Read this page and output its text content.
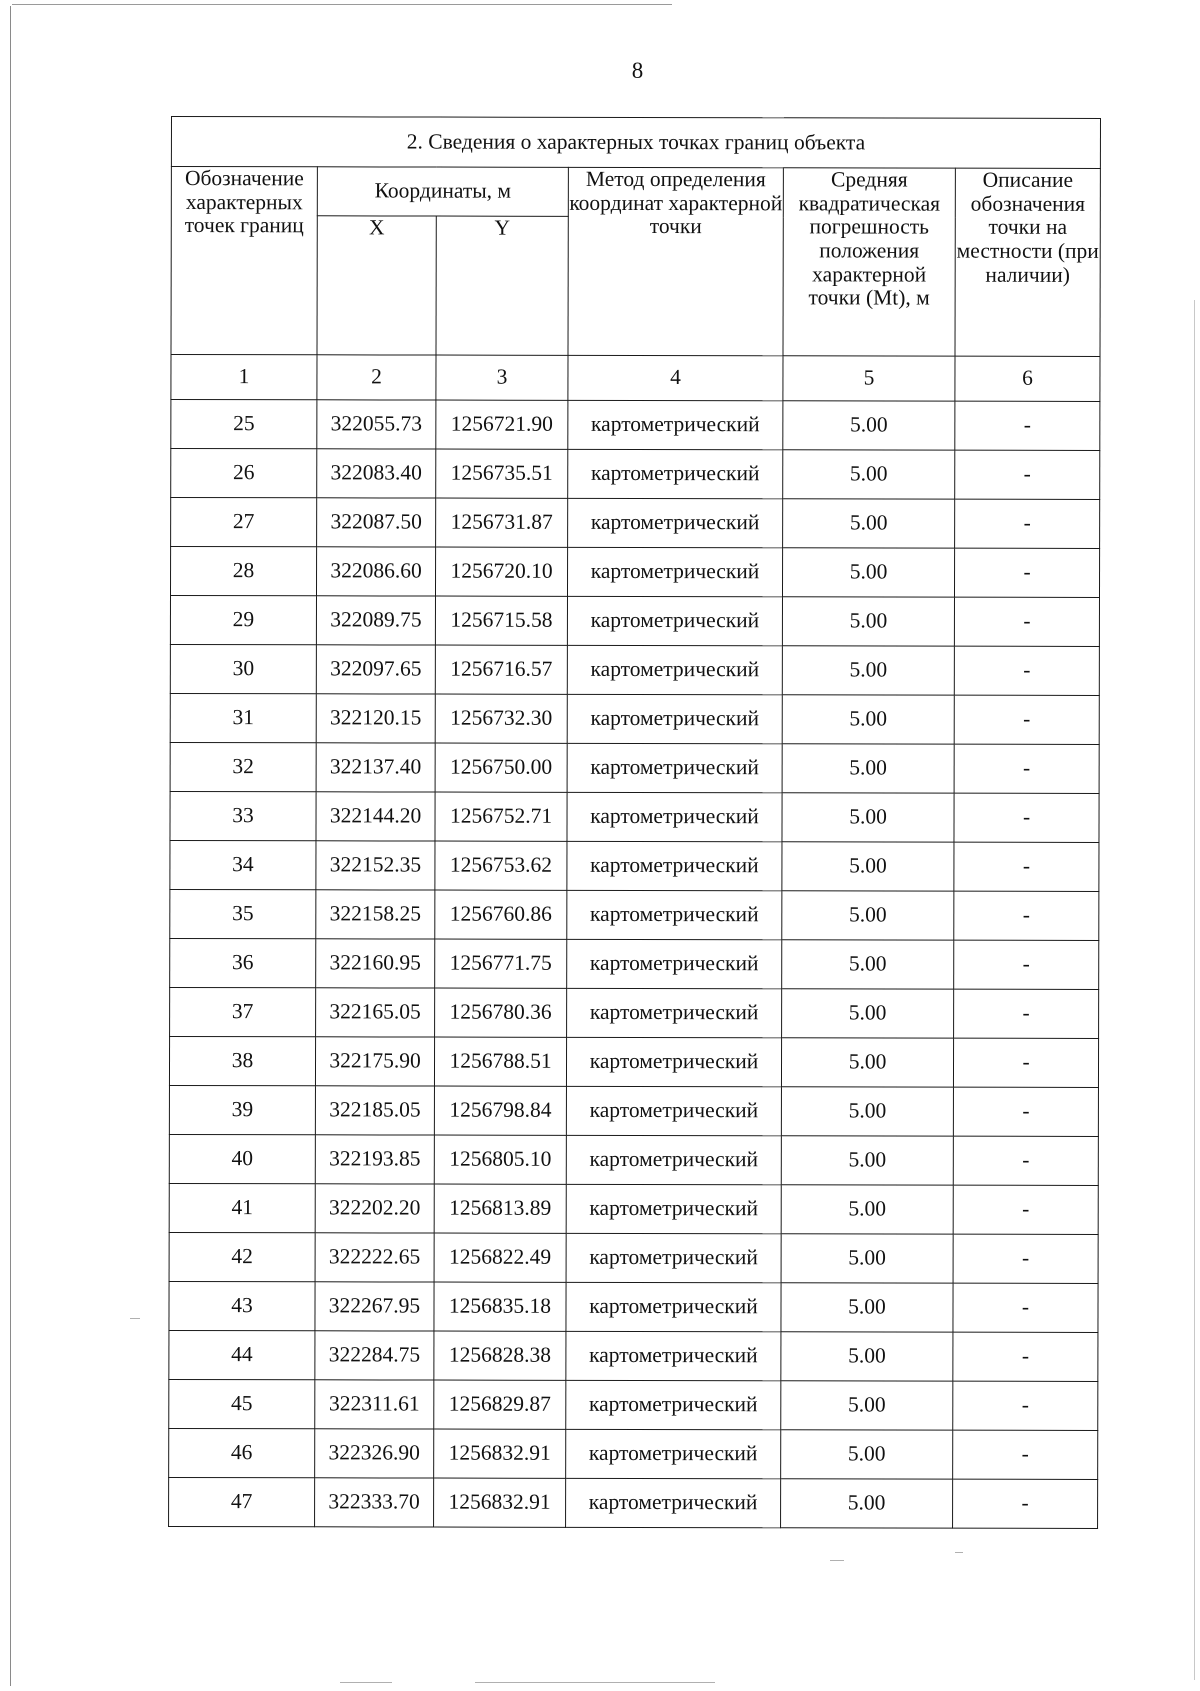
8
2. Сведения о характерных точках границ объекта					
Обозначение характерных точек границ	Координаты, м		Метод определения координат характерной точки	Средняя квадратическая погрешность положения характерной точки (Mt), м	Описание обозначения точки на местности (при наличии)
	X	Y			
1	2	3	4	5	6
25	322055.73	1256721.90	картометрический	5.00	-
26	322083.40	1256735.51	картометрический	5.00	-
27	322087.50	1256731.87	картометрический	5.00	-
28	322086.60	1256720.10	картометрический	5.00	-
29	322089.75	1256715.58	картометрический	5.00	-
30	322097.65	1256716.57	картометрический	5.00	-
31	322120.15	1256732.30	картометрический	5.00	-
32	322137.40	1256750.00	картометрический	5.00	-
33	322144.20	1256752.71	картометрический	5.00	-
34	322152.35	1256753.62	картометрический	5.00	-
35	322158.25	1256760.86	картометрический	5.00	-
36	322160.95	1256771.75	картометрический	5.00	-
37	322165.05	1256780.36	картометрический	5.00	-
38	322175.90	1256788.51	картометрический	5.00	-
39	322185.05	1256798.84	картометрический	5.00	-
40	322193.85	1256805.10	картометрический	5.00	-
41	322202.20	1256813.89	картометрический	5.00	-
42	322222.65	1256822.49	картометрический	5.00	-
43	322267.95	1256835.18	картометрический	5.00	-
44	322284.75	1256828.38	картометрический	5.00	-
45	322311.61	1256829.87	картометрический	5.00	-
46	322326.90	1256832.91	картометрический	5.00	-
47	322333.70	1256832.91	картометрический	5.00	-
